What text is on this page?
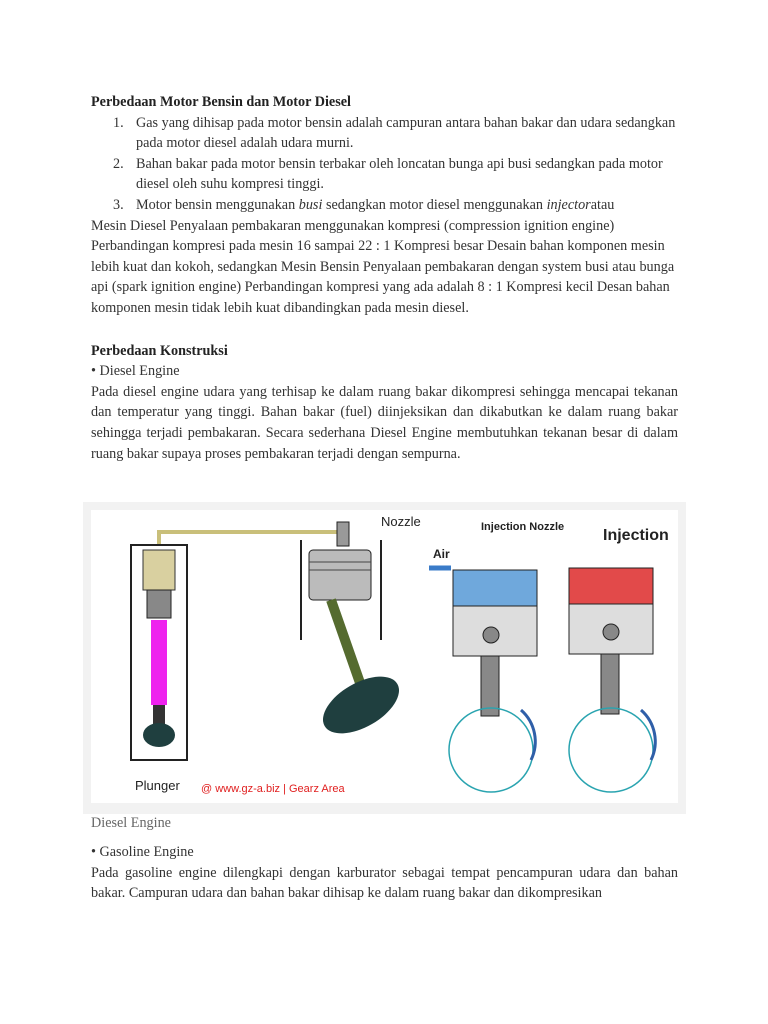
Perbedaan Motor Bensin dan Motor Diesel
1. Gas yang dihisap pada motor bensin adalah campuran antara bahan bakar dan udara sedangkan pada motor diesel adalah udara murni.
2. Bahan bakar pada motor bensin terbakar oleh loncatan bunga api busi sedangkan pada motor diesel oleh suhu kompresi tinggi.
3. Motor bensin menggunakan busi sedangkan motor diesel menggunakan injectoratau
Mesin Diesel Penyalaan pembakaran menggunakan kompresi (compression ignition engine) Perbandingan kompresi pada mesin 16 sampai 22 : 1 Kompresi besar Desain bahan komponen mesin lebih kuat dan kokoh, sedangkan Mesin Bensin Penyalaan pembakaran dengan system busi atau bunga api (spark ignition engine) Perbandingan kompresi yang ada adalah 8 : 1 Kompresi kecil Desan bahan komponen mesin tidak lebih kuat dibandingkan pada mesin diesel.
Perbedaan Konstruksi
• Diesel Engine
Pada diesel engine udara yang terhisap ke dalam ruang bakar dikompresi sehingga mencapai tekanan dan temperatur yang tinggi. Bahan bakar (fuel) diinjeksikan dan dikabutkan ke dalam ruang bakar sehingga terjadi pembakaran. Secara sederhana Diesel Engine membutuhkan tekanan besar di dalam ruang bakar supaya proses pembakaran terjadi dengan sempurna.
Plunger
Nozzle	Injection Nozzle
Air
Injection
@ www.gz-a.biz | Gearz Area
Diesel Engine
• Gasoline Engine
Pada gasoline engine dilengkapi dengan karburator sebagai tempat pencampuran udara dan bahan bakar. Campuran udara dan bahan bakar dihisap ke dalam ruang bakar dan dikompresikan
